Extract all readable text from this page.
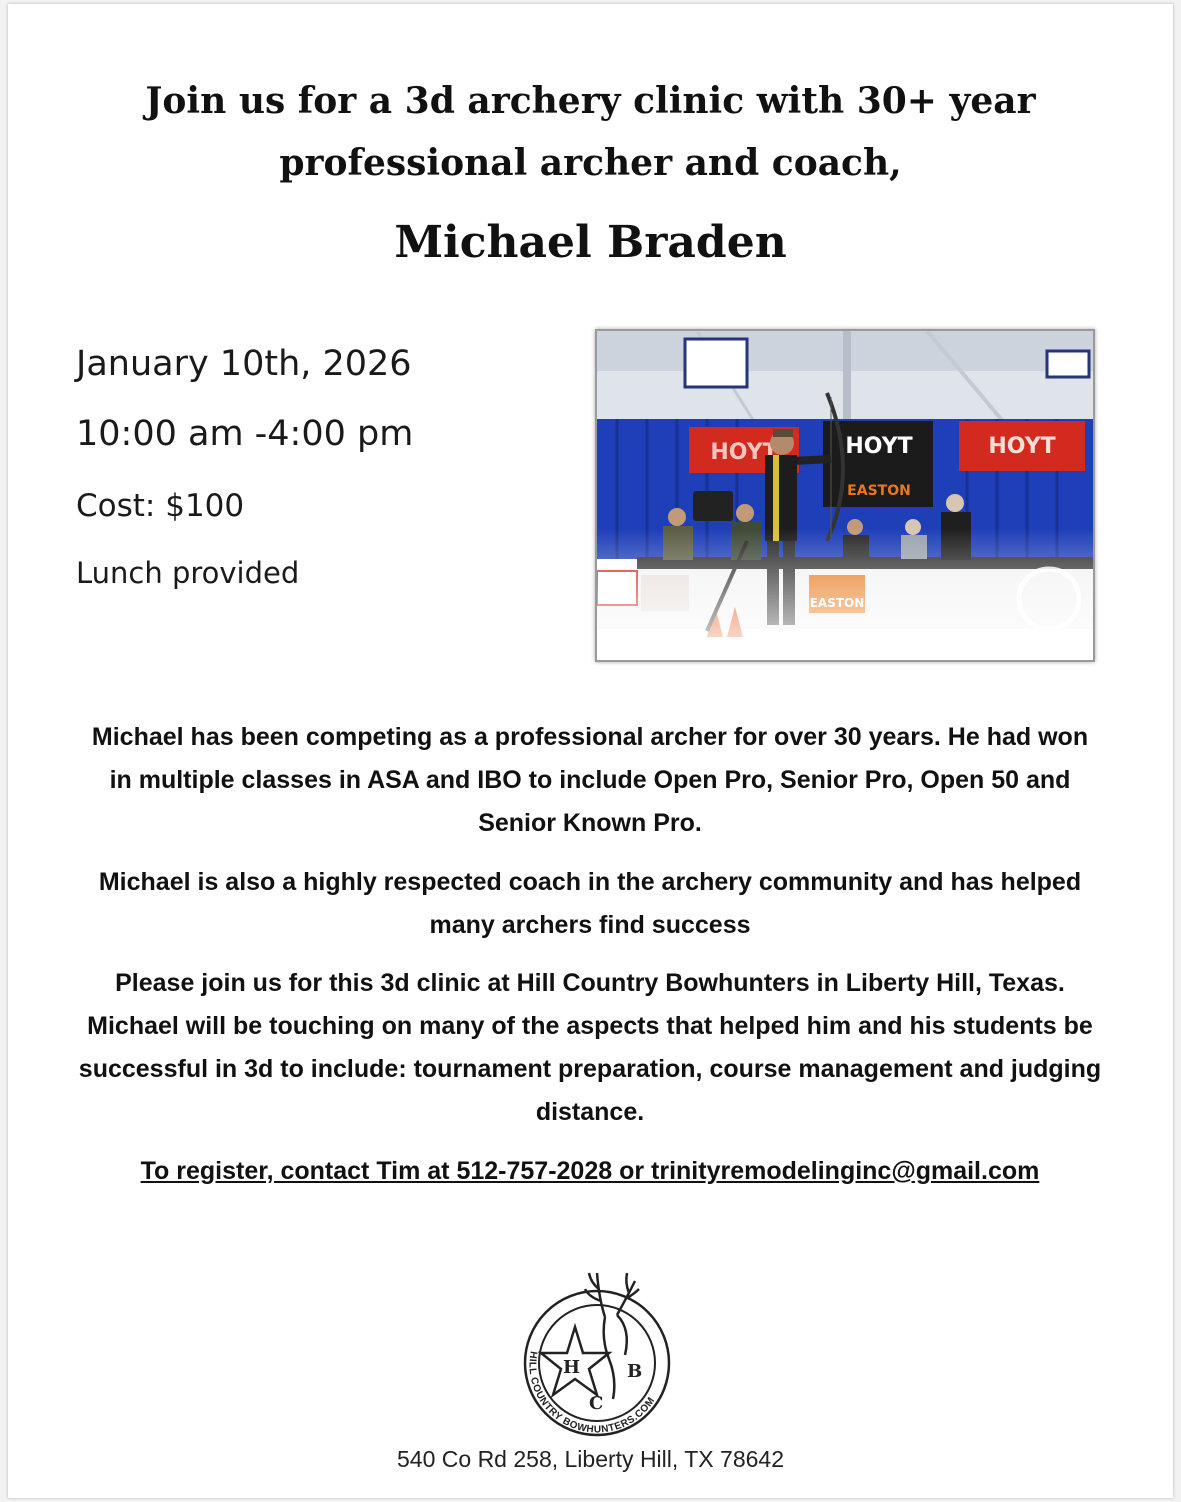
Join us for a 3d archery clinic with 30+ year
professional archer and coach,
Michael Braden
January 10th, 2026
10:00 am -4:00 pm
Cost: $100
Lunch provided

Michael has been competing as a professional archer for over 30 years. He had won in multiple classes in ASA and IBO to include Open Pro, Senior Pro, Open 50 and Senior Known Pro.

Michael is also a highly respected coach in the archery community and has helped many archers find success

Please join us for this 3d clinic at Hill Country Bowhunters in Liberty Hill, Texas. Michael will be touching on many of the aspects that helped him and his students be successful in 3d to include: tournament preparation, course management and judging distance.

To register, contact Tim at 512-757-2028 or trinityremodelinginc@gmail.com

HILL COUNTRY BOWHUNTERS.COM
H
C
B
540 Co Rd 258, Liberty Hill, TX 78642
